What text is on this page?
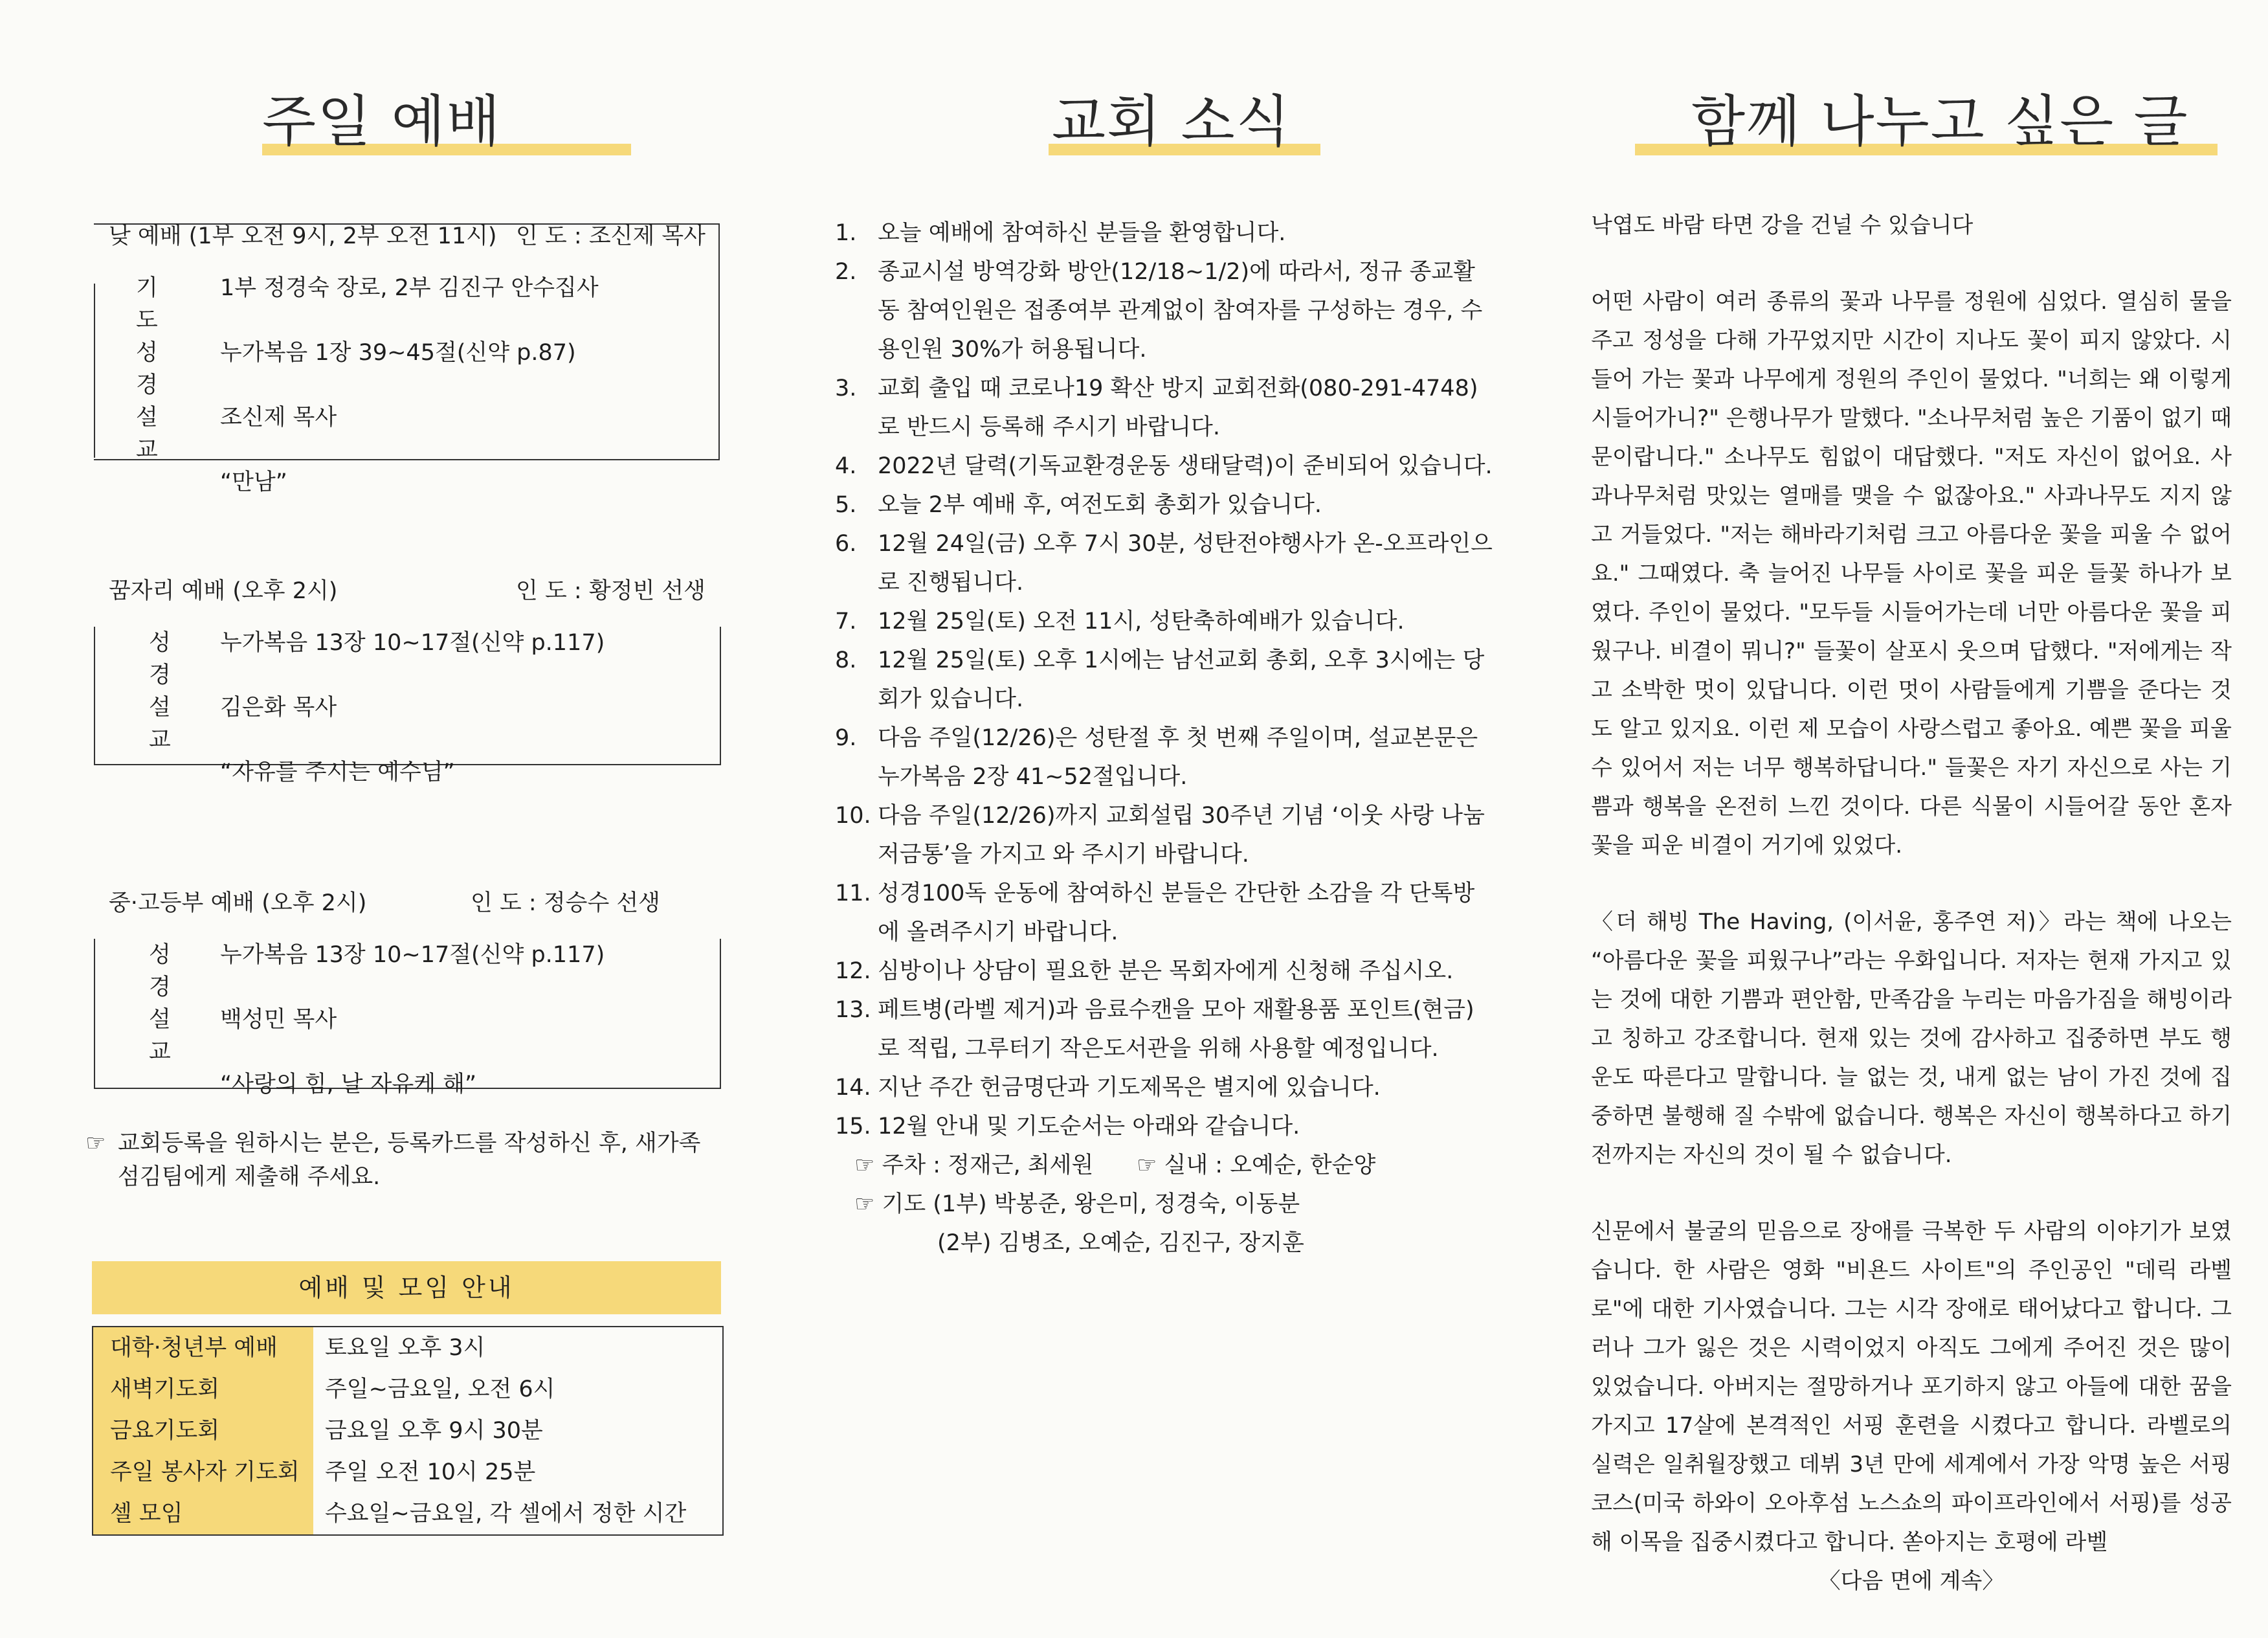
주일 예배
낮 예배 (1부 오전 9시, 2부 오전 11시) 인 도 : 조신제 목사
기 도
1부 정경숙 장로, 2부 김진구 안수집사
성 경
누가복음 1장 39~45절(신약 p.87)
설 교
조신제 목사
“만남”
꿈자리 예배 (오후 2시)	인 도 : 황정빈 선생
성 경
누가복음 13장 10~17절(신약 p.117)
설 교
김은화 목사
“자유를 주시는 예수님”
중·고등부 예배 (오후 2시)	인 도 : 정승수 선생
성 경
누가복음 13장 10~17절(신약 p.117)
설 교
백성민 목사
“사랑의 힘, 날 자유케 해”
☞ 교회등록을 원하시는 분은, 등록카드를 작성하신 후, 새가족 섬김팀에게 제출해 주세요.
예배 및 모임 안내
대학·청년부 예배	토요일 오후 3시
새벽기도회	주일~금요일, 오전 6시
금요기도회	금요일 오후 9시 30분
주일 봉사자 기도회	주일 오전 10시 25분
셀 모임	수요일~금요일, 각 셀에서 정한 시간
교회 소식
1. 오늘 예배에 참여하신 분들을 환영합니다.
2. 종교시설 방역강화 방안(12/18~1/2)에 따라서, 정규 종교활동 참여인원은 접종여부 관계없이 참여자를 구성하는 경우, 수용인원 30%가 허용됩니다.
3. 교회 출입 때 코로나19 확산 방지 교회전화(080-291-4748)로 반드시 등록해 주시기 바랍니다.
4. 2022년 달력(기독교환경운동 생태달력)이 준비되어 있습니다.
5. 오늘 2부 예배 후, 여전도회 총회가 있습니다.
6. 12월 24일(금) 오후 7시 30분, 성탄전야행사가 온-오프라인으로 진행됩니다.
7. 12월 25일(토) 오전 11시, 성탄축하예배가 있습니다.
8. 12월 25일(토) 오후 1시에는 남선교회 총회, 오후 3시에는 당회가 있습니다.
9. 다음 주일(12/26)은 성탄절 후 첫 번째 주일이며, 설교본문은 누가복음 2장 41~52절입니다.
10. 다음 주일(12/26)까지 교회설립 30주년 기념 ‘이웃 사랑 나눔 저금통’을 가지고 와 주시기 바랍니다.
11. 성경100독 운동에 참여하신 분들은 간단한 소감을 각 단톡방에 올려주시기 바랍니다.
12. 심방이나 상담이 필요한 분은 목회자에게 신청해 주십시오.
13. 페트병(라벨 제거)과 음료수캔을 모아 재활용품 포인트(현금)로 적립, 그루터기 작은도서관을 위해 사용할 예정입니다.
14. 지난 주간 헌금명단과 기도제목은 별지에 있습니다.
15. 12월 안내 및 기도순서는 아래와 같습니다.
☞ 주차 : 정재근, 최세원      ☞ 실내 : 오예순, 한순양
☞ 기도 (1부) 박봉준, 왕은미, 정경숙, 이동분
(2부) 김병조, 오예순, 김진구, 장지훈
함께 나누고 싶은 글

낙엽도 바람 타면 강을 건널 수 있습니다

어떤 사람이 여러 종류의 꽃과 나무를 정원에 심었다. 열심히 물을 주고 정성을 다해 가꾸었지만 시간이 지나도 꽃이 피지 않았다. 시들어 가는 꽃과 나무에게 정원의 주인이 물었다. "너희는 왜 이렇게 시들어가니?" 은행나무가 말했다. "소나무처럼 높은 기품이 없기 때문이랍니다." 소나무도 힘없이 대답했다. "저도 자신이 없어요. 사과나무처럼 맛있는 열매를 맺을 수 없잖아요." 사과나무도 지지 않고 거들었다. "저는 해바라기처럼 크고 아름다운 꽃을 피울 수 없어요." 그때였다. 축 늘어진 나무들 사이로 꽃을 피운 들꽃 하나가 보였다. 주인이 물었다. "모두들 시들어가는데 너만 아름다운 꽃을 피웠구나. 비결이 뭐니?" 들꽃이 살포시 웃으며 답했다. "저에게는 작고 소박한 멋이 있답니다. 이런 멋이 사람들에게 기쁨을 준다는 것도 알고 있지요. 이런 제 모습이 사랑스럽고 좋아요. 예쁜 꽃을 피울 수 있어서 저는 너무 행복하답니다." 들꽃은 자기 자신으로 사는 기쁨과 행복을 온전히 느낀 것이다. 다른 식물이 시들어갈 동안 혼자 꽃을 피운 비결이 거기에 있었다.

〈더 해빙 The Having, (이서윤, 홍주연 저)〉라는 책에 나오는 “아름다운 꽃을 피웠구나”라는 우화입니다. 저자는 현재 가지고 있는 것에 대한 기쁨과 편안함, 만족감을 누리는 마음가짐을 해빙이라고 칭하고 강조합니다. 현재 있는 것에 감사하고 집중하면 부도 행운도 따른다고 말합니다. 늘 없는 것, 내게 없는 남이 가진 것에 집중하면 불행해 질 수밖에 없습니다. 행복은 자신이 행복하다고 하기 전까지는 자신의 것이 될 수 없습니다.

신문에서 불굴의 믿음으로 장애를 극복한 두 사람의 이야기가 보였습니다. 한 사람은 영화 "비욘드 사이트"의 주인공인 "데릭 라벨로"에 대한 기사였습니다. 그는 시각 장애로 태어났다고 합니다. 그러나 그가 잃은 것은 시력이었지 아직도 그에게 주어진 것은 많이 있었습니다. 아버지는 절망하거나 포기하지 않고 아들에 대한 꿈을 가지고 17살에 본격적인 서핑 훈련을 시켰다고 합니다. 라벨로의 실력은 일취월장했고 데뷔 3년 만에 세계에서 가장 악명 높은 서핑 코스(미국 하와이 오아후섬 노스쇼의 파이프라인에서 서핑)를 성공해 이목을 집중시켰다고 합니다. 쏟아지는 호평에 라벨

〈다음 면에 계속〉
